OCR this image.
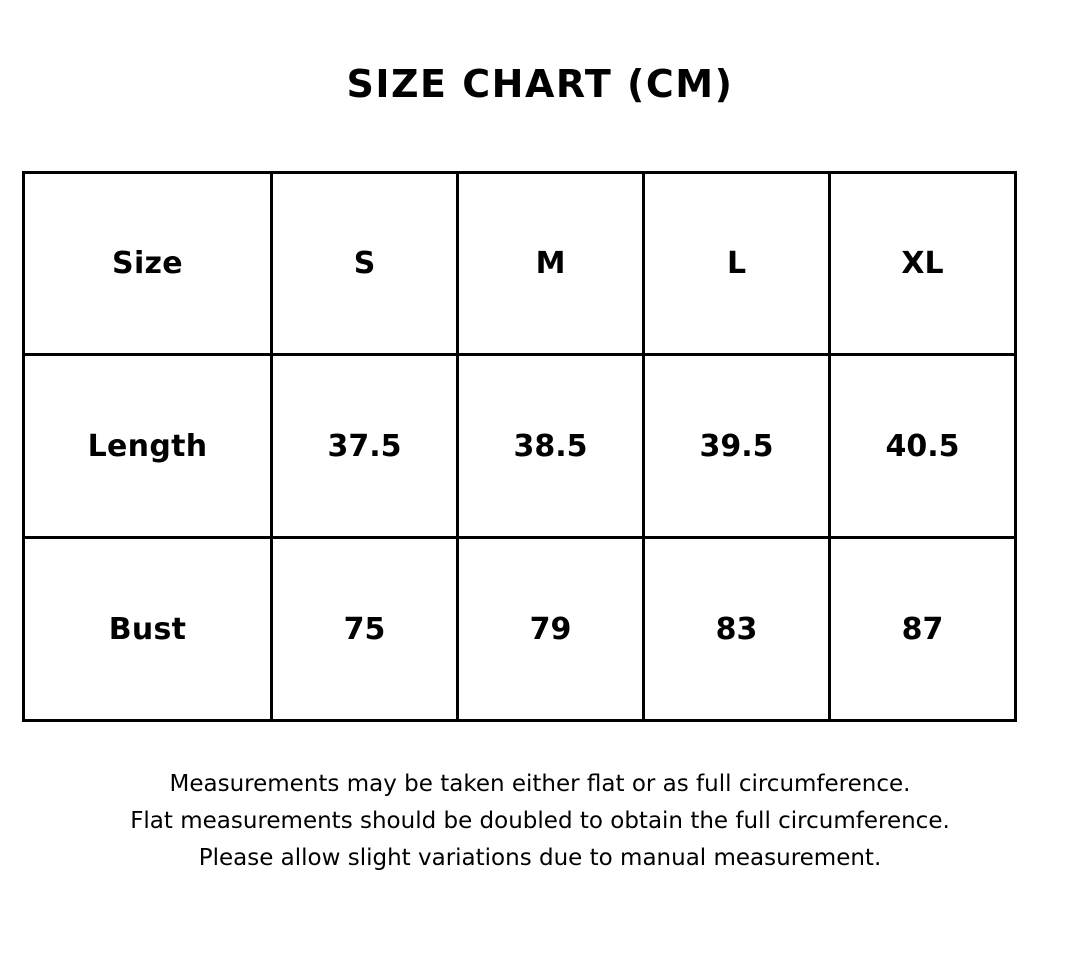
SIZE CHART (CM)
Size	S	M	L	XL
Length	37.5	38.5	39.5	40.5
Bust	75	79	83	87
Measurements may be taken either flat or as full circumference.
Flat measurements should be doubled to obtain the full circumference.
Please allow slight variations due to manual measurement.
